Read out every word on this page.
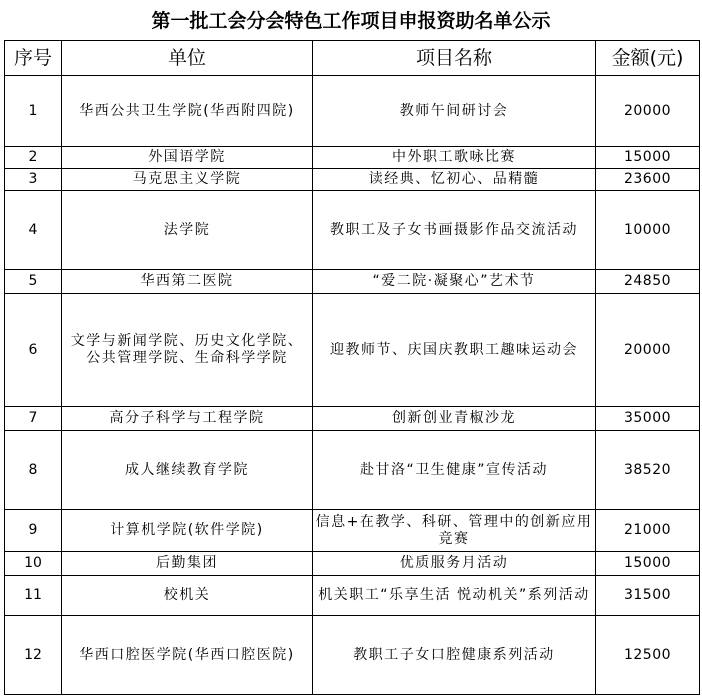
第一批工会分会特色工作项目申报资助名单公示
序号	单位	项目名称	金额(元)
1	华西公共卫生学院(华西附四院)	教师午间研讨会	20000
2	外国语学院	中外职工歌咏比赛	15000
3	马克思主义学院	读经典、忆初心、品精髓	23600
4	法学院	教职工及子女书画摄影作品交流活动	10000
5	华西第二医院	“爱二院·凝聚心”艺术节	24850
6	文学与新闻学院、历史文化学院、公共管理学院、生命科学学院	迎教师节、庆国庆教职工趣味运动会	20000
7	高分子科学与工程学院	创新创业青椒沙龙	35000
8	成人继续教育学院	赴甘洛“卫生健康”宣传活动	38520
9	计算机学院(软件学院)	信息+在教学、科研、管理中的创新应用竞赛	21000
10	后勤集团	优质服务月活动	15000
11	校机关	机关职工“乐享生活 悦动机关”系列活动	31500
12	华西口腔医学院(华西口腔医院)	教职工子女口腔健康系列活动	12500
